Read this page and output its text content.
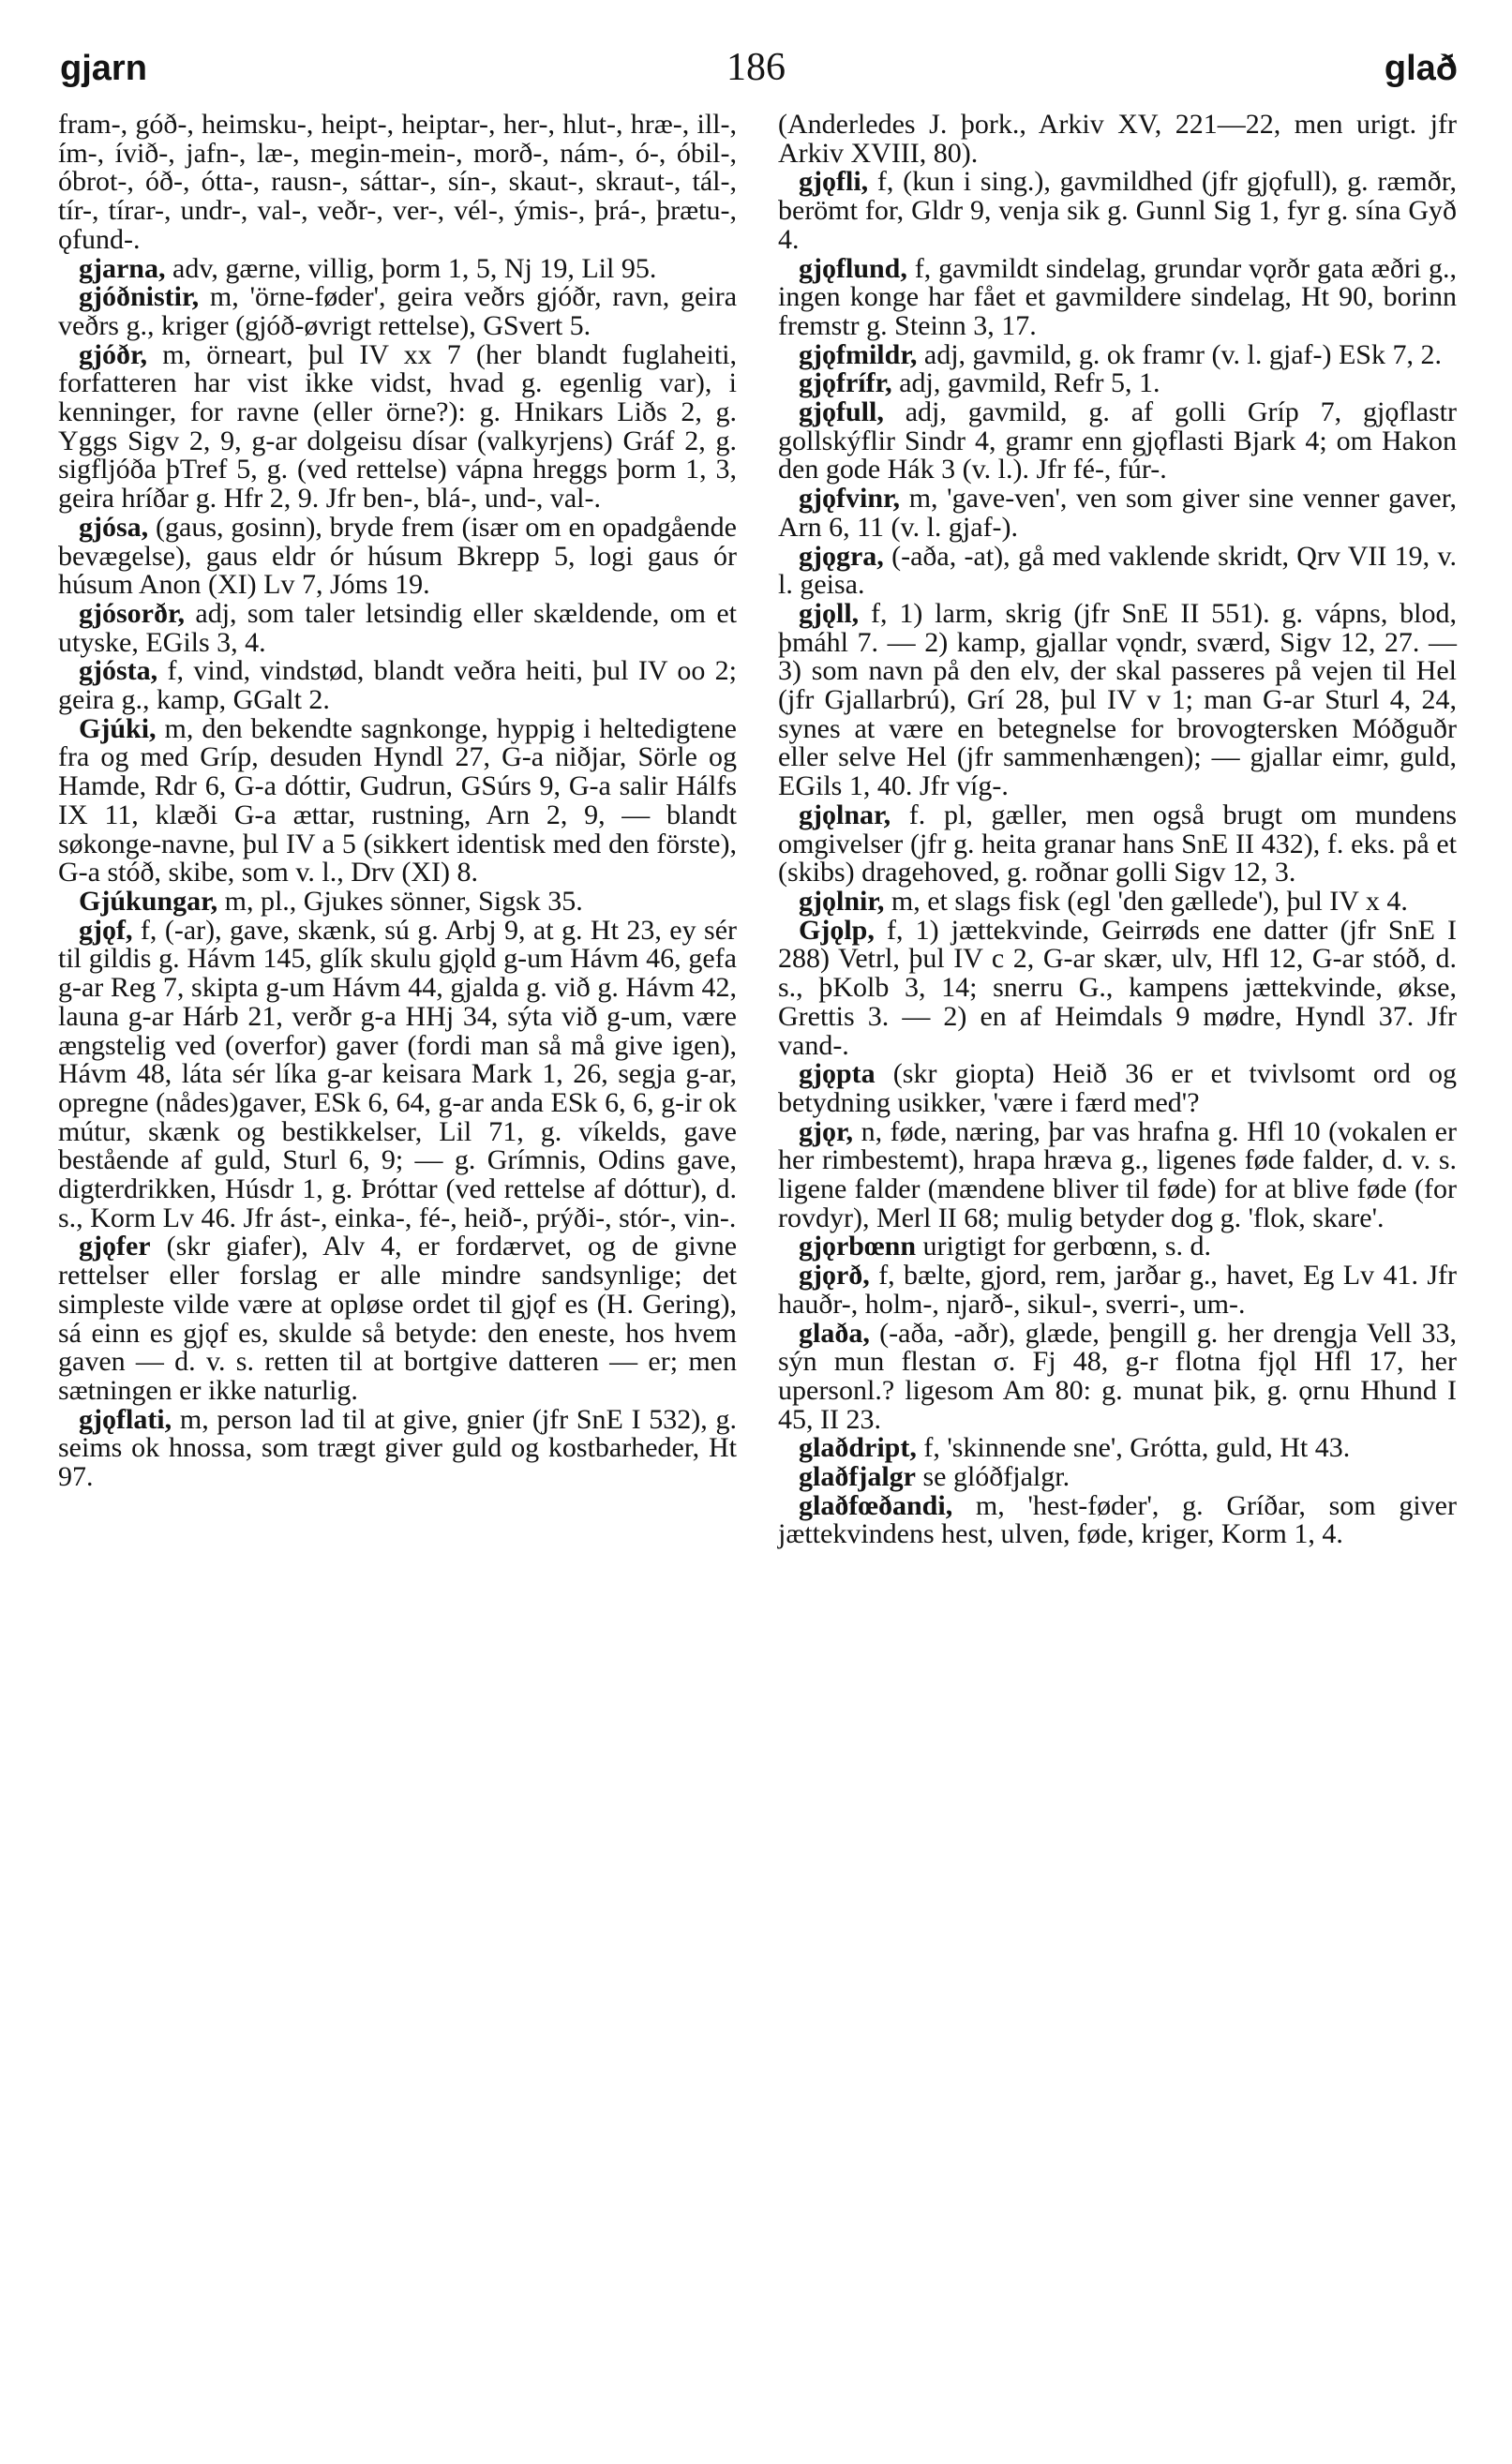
gjarn	186	glað

fram-, góð-, heimsku-, heipt-, heiptar-, her-, hlut-, hræ-, ill-, ím-, ívið-, jafn-, læ-, megin-mein-, morð-, nám-, ó-, óbil-, óbrot-, óð-, ótta-, rausn-, sáttar-, sín-, skaut-, skraut-, tál-, tír-, tírar-, undr-, val-, veðr-, ver-, vél-, ýmis-, þrá-, þrætu-, ǫfund-.

gjarna, adv, gærne, villig, þorm 1, 5, Nj 19, Lil 95.

gjóðnistir, m, 'örne-føder', geira veðrs gjóðr, ravn, geira veðrs g., kriger (gjóð-øvrigt rettelse), GSvert 5.

gjóðr, m, örneart, þul IV xx 7 (her blandt fuglaheiti, forfatteren har vist ikke vidst, hvad g. egenlig var), i kenninger, for ravne (eller örne?): g. Hnikars Liðs 2, g. Yggs Sigv 2, 9, g-ar dolgeisu dísar (valkyrjens) Gráf 2, g. sigfljóða þTref 5, g. (ved rettelse) vápna hreggs þorm 1, 3, geira hríðar g. Hfr 2, 9. Jfr ben-, blá-, und-, val-.

gjósa, (gaus, gosinn), bryde frem (især om en opadgående bevægelse), gaus eldr ór húsum Bkrepp 5, logi gaus ór húsum Anon (XI) Lv 7, Jóms 19.

gjósorðr, adj, som taler letsindig eller skældende, om et utyske, EGils 3, 4.

gjósta, f, vind, vindstød, blandt veðra heiti, þul IV oo 2; geira g., kamp, GGalt 2.

Gjúki, m, den bekendte sagnkonge, hyppig i heltedigtene fra og med Gríp, desuden Hyndl 27, G-a niðjar, Sörle og Hamde, Rdr 6, G-a dóttir, Gudrun, GSúrs 9, G-a salir Hálfs IX 11, klæði G-a ættar, rustning, Arn 2, 9, — blandt søkonge-navne, þul IV a 5 (sikkert identisk med den förste), G-a stóð, skibe, som v. l., Drv (XI) 8.

Gjúkungar, m, pl., Gjukes sönner, Sigsk 35.

gjǫf, f, (-ar), gave, skænk, sú g. Arbj 9, at g. Ht 23, ey sér til gildis g. Hávm 145, glík skulu gjǫld g-um Hávm 46, gefa g-ar Reg 7, skipta g-um Hávm 44, gjalda g. við g. Hávm 42, launa g-ar Hárb 21, verðr g-a HHj 34, sýta við g-um, være ængstelig ved (overfor) gaver (fordi man så må give igen), Hávm 48, láta sér líka g-ar keisara Mark 1, 26, segja g-ar, opregne (nådes)gaver, ESk 6, 64, g-ar anda ESk 6, 6, g-ir ok mútur, skænk og bestikkelser, Lil 71, g. víkelds, gave bestående af guld, Sturl 6, 9; — g. Grímnis, Odins gave, digterdrikken, Húsdr 1, g. Þróttar (ved rettelse af dóttur), d. s., Korm Lv 46. Jfr ást-, einka-, fé-, heið-, prýði-, stór-, vin-.

gjǫfer (skr giafer), Alv 4, er fordærvet, og de givne rettelser eller forslag er alle mindre sandsynlige; det simpleste vilde være at opløse ordet til gjǫf es (H. Gering), sá einn es gjǫf es, skulde så betyde: den eneste, hos hvem gaven — d. v. s. retten til at bortgive datteren — er; men sætningen er ikke naturlig.

gjǫflati, m, person lad til at give, gnier (jfr SnE I 532), g. seims ok hnossa, som trægt giver guld og kostbarheder, Ht 97.

(Anderledes J. þork., Arkiv XV, 221—22, men urigt. jfr Arkiv XVIII, 80).

gjǫfli, f, (kun i sing.), gavmildhed (jfr gjǫfull), g. ræmðr, berömt for, Gldr 9, venja sik g. Gunnl Sig 1, fyr g. sína Gyð 4.

gjǫflund, f, gavmildt sindelag, grundar vǫrðr gata æðri g., ingen konge har fået et gavmildere sindelag, Ht 90, borinn fremstr g. Steinn 3, 17.

gjǫfmildr, adj, gavmild, g. ok framr (v. l. gjaf-) ESk 7, 2.

gjǫfrífr, adj, gavmild, Refr 5, 1.

gjǫfull, adj, gavmild, g. af golli Gríp 7, gjǫflastr gollskýflir Sindr 4, gramr enn gjǫflasti Bjark 4; om Hakon den gode Hák 3 (v. l.). Jfr fé-, fúr-.

gjǫfvinr, m, 'gave-ven', ven som giver sine venner gaver, Arn 6, 11 (v. l. gjaf-).

gjǫgra, (-aða, -at), gå med vaklende skridt, Qrv VII 19, v. l. geisa.

gjǫll, f, 1) larm, skrig (jfr SnE II 551). g. vápns, blod, þmáhl 7. — 2) kamp, gjallar vǫndr, sværd, Sigv 12, 27. — 3) som navn på den elv, der skal passeres på vejen til Hel (jfr Gjallarbrú), Grí 28, þul IV v 1; man G-ar Sturl 4, 24, synes at være en betegnelse for brovogtersken Móðguðr eller selve Hel (jfr sammenhængen); — gjallar eimr, guld, EGils 1, 40. Jfr víg-.

gjǫlnar, f. pl, gæller, men også brugt om mundens omgivelser (jfr g. heita granar hans SnE II 432), f. eks. på et (skibs) dragehoved, g. roðnar golli Sigv 12, 3.

gjǫlnir, m, et slags fisk (egl 'den gællede'), þul IV x 4.

Gjǫlp, f, 1) jættekvinde, Geirrøds ene datter (jfr SnE I 288) Vetrl, þul IV c 2, G-ar skær, ulv, Hfl 12, G-ar stóð, d. s., þKolb 3, 14; snerru G., kampens jættekvinde, økse, Grettis 3. — 2) en af Heimdals 9 mødre, Hyndl 37. Jfr vand-.

gjǫpta (skr giopta) Heið 36 er et tvivlsomt ord og betydning usikker, 'være i færd med'?

gjǫr, n, føde, næring, þar vas hrafna g. Hfl 10 (vokalen er her rimbestemt), hrapa hræva g., ligenes føde falder, d. v. s. ligene falder (mændene bliver til føde) for at blive føde (for rovdyr), Merl II 68; mulig betyder dog g. 'flok, skare'.

gjǫrbœnn urigtigt for gerbœnn, s. d.

gjǫrð, f, bælte, gjord, rem, jarðar g., havet, Eg Lv 41. Jfr hauðr-, holm-, njarð-, sikul-, sverri-, um-.

glaða, (-aða, -aðr), glæde, þengill g. her drengja Vell 33, sýn mun flestan σ. Fj 48, g-r flotna fjǫl Hfl 17, her upersonl.? ligesom Am 80: g. munat þik, g. ǫrnu Hhund I 45, II 23.

glaðdript, f, 'skinnende sne', Grótta, guld, Ht 43.

glaðfjalgr se glóðfjalgr.

glaðfœðandi, m, 'hest-føder', g. Gríðar, som giver jættekvindens hest, ulven, føde, kriger, Korm 1, 4.
